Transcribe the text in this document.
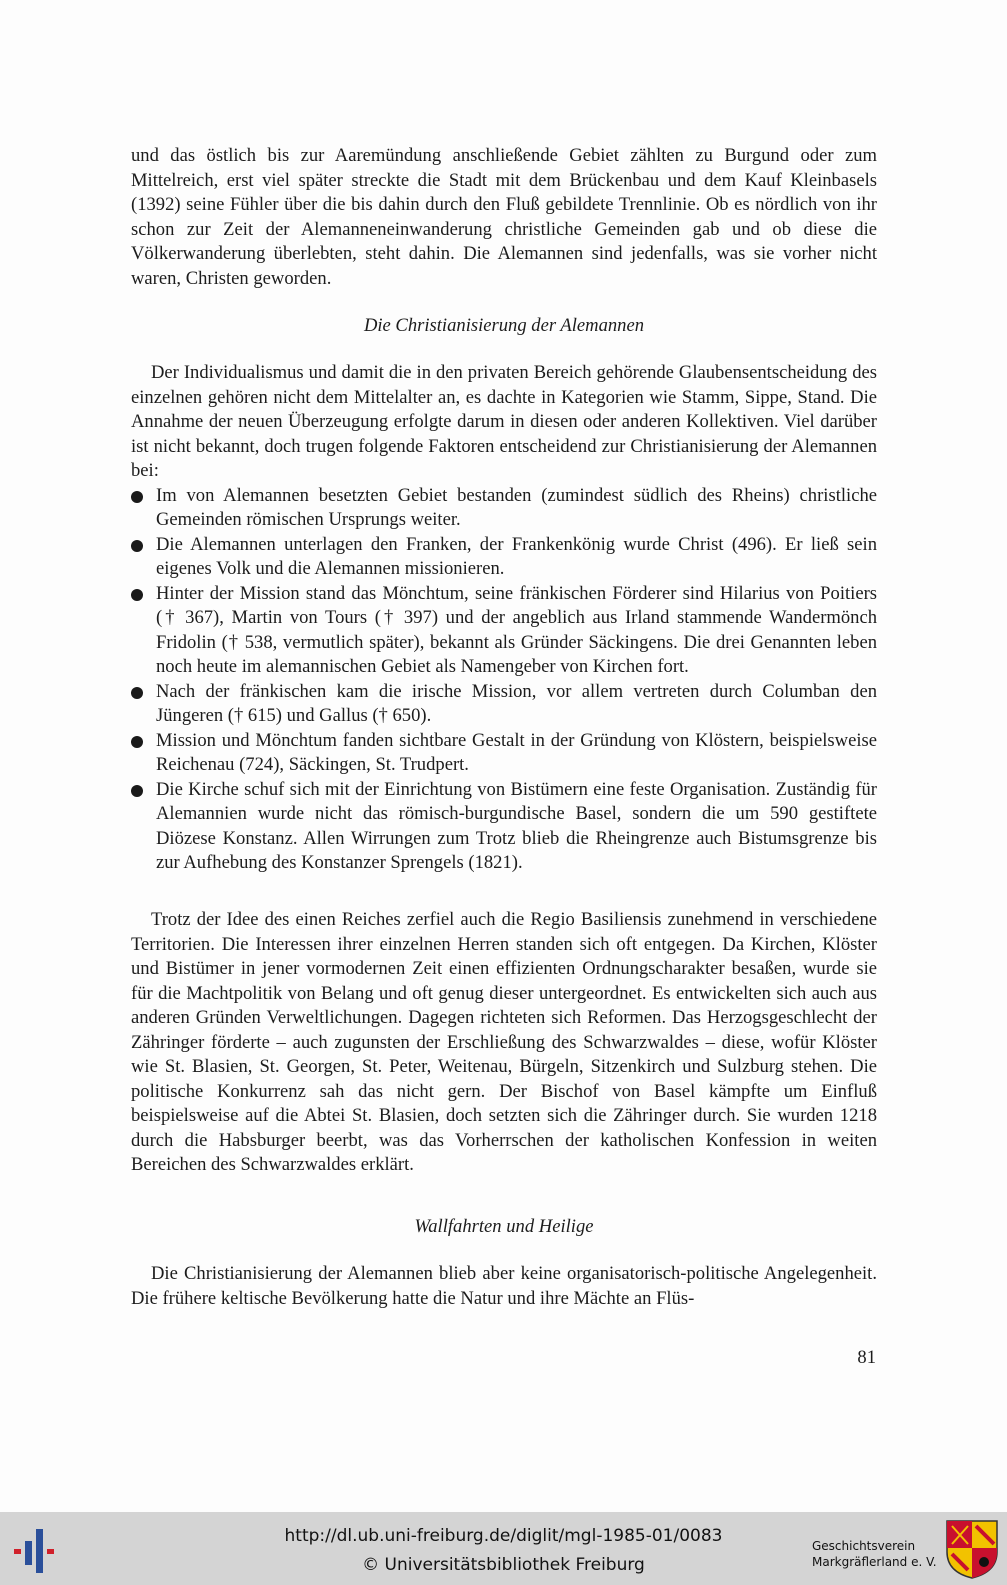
und das östlich bis zur Aaremündung anschließende Gebiet zählten zu Burgund oder zum Mittelreich, erst viel später streckte die Stadt mit dem Brückenbau und dem Kauf Kleinbasels (1392) seine Fühler über die bis dahin durch den Fluß gebildete Trennlinie. Ob es nördlich von ihr schon zur Zeit der Alemanneneinwanderung christliche Gemeinden gab und ob diese die Völkerwanderung überlebten, steht dahin. Die Alemannen sind jedenfalls, was sie vorher nicht waren, Christen geworden.

Die Christianisierung der Alemannen

Der Individualismus und damit die in den privaten Bereich gehörende Glaubensentscheidung des einzelnen gehören nicht dem Mittelalter an, es dachte in Kategorien wie Stamm, Sippe, Stand. Die Annahme der neuen Überzeugung erfolgte darum in diesen oder anderen Kollektiven. Viel darüber ist nicht bekannt, doch trugen folgende Faktoren entscheidend zur Christianisierung der Alemannen bei:

Im von Alemannen besetzten Gebiet bestanden (zumindest südlich des Rheins) christliche Gemeinden römischen Ursprungs weiter.
Die Alemannen unterlagen den Franken, der Frankenkönig wurde Christ (496). Er ließ sein eigenes Volk und die Alemannen missionieren.
Hinter der Mission stand das Mönchtum, seine fränkischen Förderer sind Hilarius von Poitiers († 367), Martin von Tours († 397) und der angeblich aus Irland stammende Wandermönch Fridolin († 538, vermutlich später), bekannt als Gründer Säckingens. Die drei Genannten leben noch heute im alemannischen Gebiet als Namengeber von Kirchen fort.
Nach der fränkischen kam die irische Mission, vor allem vertreten durch Columban den Jüngeren († 615) und Gallus († 650).
Mission und Mönchtum fanden sichtbare Gestalt in der Gründung von Klöstern, beispielsweise Reichenau (724), Säckingen, St. Trudpert.
Die Kirche schuf sich mit der Einrichtung von Bistümern eine feste Organisation. Zuständig für Alemannien wurde nicht das römisch-burgundische Basel, sondern die um 590 gestiftete Diözese Konstanz. Allen Wirrungen zum Trotz blieb die Rheingrenze auch Bistumsgrenze bis zur Aufhebung des Konstanzer Sprengels (1821).

Trotz der Idee des einen Reiches zerfiel auch die Regio Basiliensis zunehmend in verschiedene Territorien. Die Interessen ihrer einzelnen Herren standen sich oft entgegen. Da Kirchen, Klöster und Bistümer in jener vormodernen Zeit einen effizienten Ordnungscharakter besaßen, wurde sie für die Machtpolitik von Belang und oft genug dieser untergeordnet. Es entwickelten sich auch aus anderen Gründen Verweltlichungen. Dagegen richteten sich Reformen. Das Herzogsgeschlecht der Zähringer förderte – auch zugunsten der Erschließung des Schwarzwaldes – diese, wofür Klöster wie St. Blasien, St. Georgen, St. Peter, Weitenau, Bürgeln, Sitzenkirch und Sulzburg stehen. Die politische Konkurrenz sah das nicht gern. Der Bischof von Basel kämpfte um Einfluß beispielsweise auf die Abtei St. Blasien, doch setzten sich die Zähringer durch. Sie wurden 1218 durch die Habsburger beerbt, was das Vorherrschen der katholischen Konfession in weiten Bereichen des Schwarzwaldes erklärt.

Wallfahrten und Heilige

Die Christianisierung der Alemannen blieb aber keine organisatorisch-politische Angelegenheit. Die frühere keltische Bevölkerung hatte die Natur und ihre Mächte an Flüs-

81
http://dl.ub.uni-freiburg.de/diglit/mgl-1985-01/0083
© Universitätsbibliothek Freiburg
Geschichtsverein
Markgräflerland e. V.
